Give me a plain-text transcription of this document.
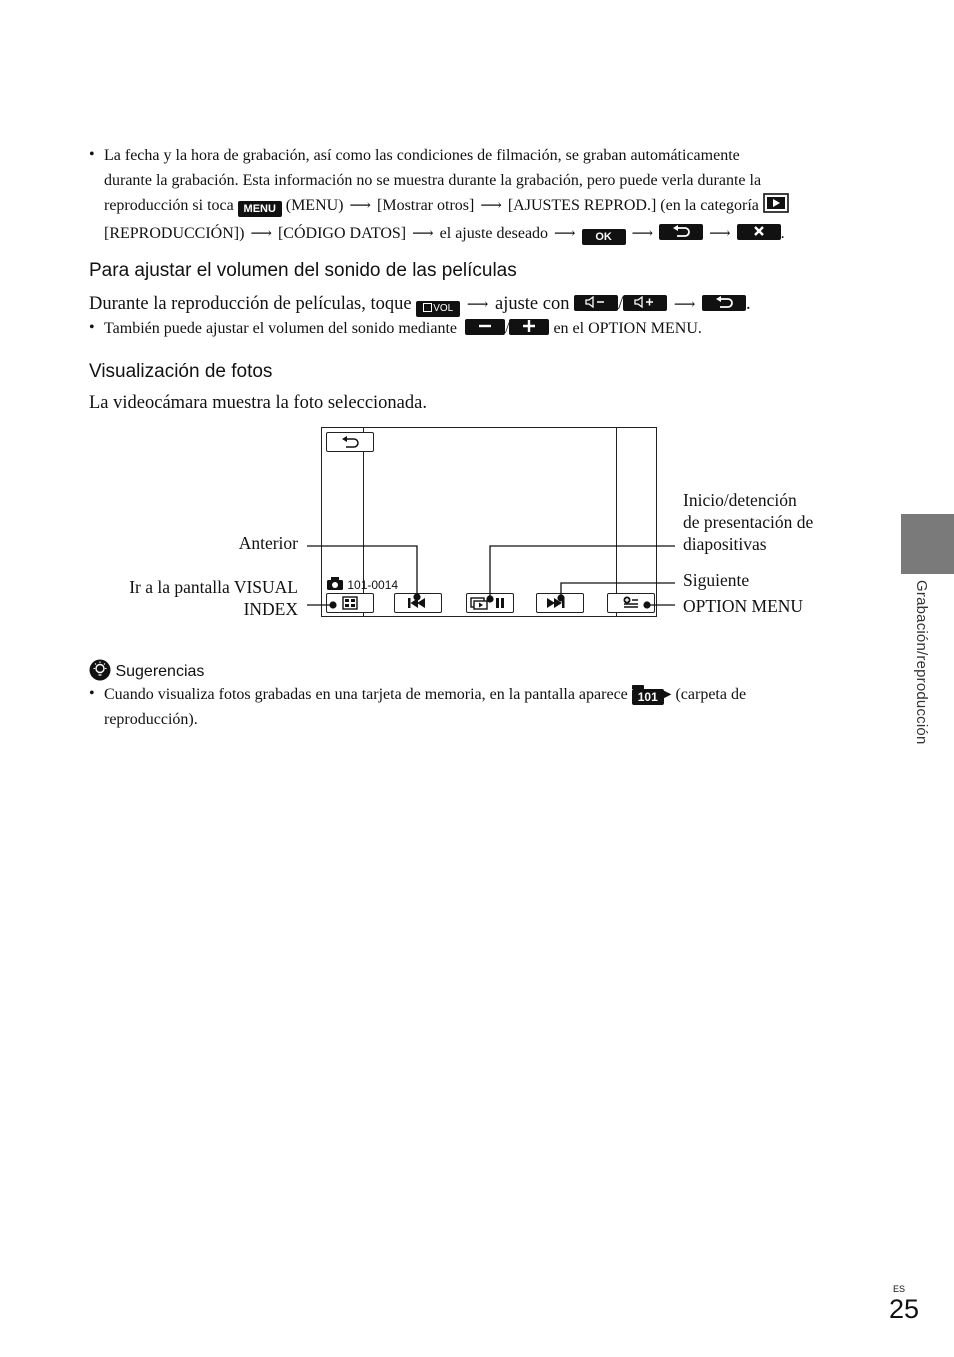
• La fecha y la hora de grabación, así como las condiciones de filmación, se graban automáticamente
durante la grabación. Esta información no se muestra durante la grabación, pero puede verla durante la
reproducción si toca MENU (MENU) ⟶ [Mostrar otros] ⟶ [AJUSTES REPROD.] (en la categoría
[REPRODUCCIÓN]) ⟶ [CÓDIGO DATOS] ⟶ el ajuste deseado ⟶ OK ⟶	⟶	.
Para ajustar el volumen del sonido de las películas
Durante la reproducción de películas, toque VOL ⟶ ajuste con	/	⟶	.
• También puede ajustar el volumen del sonido mediante	/	en el OPTION MENU.
Visualización de fotos
La videocámara muestra la foto seleccionada.
101-0014
Anterior
Ir a la pantalla VISUAL
INDEX
Inicio/detención
de presentación de
diapositivas
Siguiente
OPTION MENU
Sugerencias
• Cuando visualiza fotos grabadas en una tarjeta de memoria, en la pantalla aparece 101 ▶ (carpeta de
reproducción).	Grabación/reproducción
ES
25
